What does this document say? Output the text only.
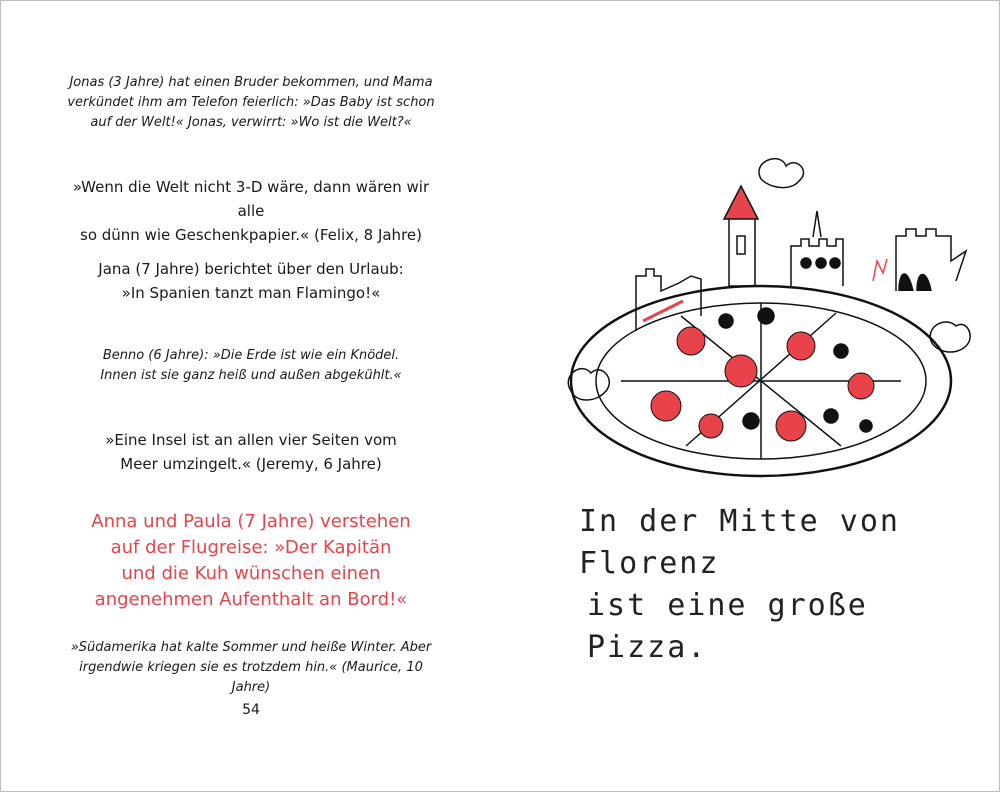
Jonas (3 Jahre) hat einen Bruder bekommen, und Mama
verkündet ihm am Telefon feierlich: »Das Baby ist schon
auf der Welt!« Jonas, verwirrt: »Wo ist die Welt?«

»Wenn die Welt nicht 3-D wäre, dann wären wir alle
so dünn wie Geschenkpapier.« (Felix, 8 Jahre)

Jana (7 Jahre) berichtet über den Urlaub:
»In Spanien tanzt man Flamingo!«

Benno (6 Jahre): »Die Erde ist wie ein Knödel.
Innen ist sie ganz heiß und außen abgekühlt.«

»Eine Insel ist an allen vier Seiten vom
Meer umzingelt.« (Jeremy, 6 Jahre)

Anna und Paula (7 Jahre) verstehen
auf der Flugreise: »Der Kapitän
und die Kuh wünschen einen
angenehmen Aufenthalt an Bord!«

»Südamerika hat kalte Sommer und heiße Winter. Aber
irgendwie kriegen sie es trotzdem hin.« (Maurice, 10 Jahre)

54
In der Mitte von Florenz
ist eine große Pizza.
